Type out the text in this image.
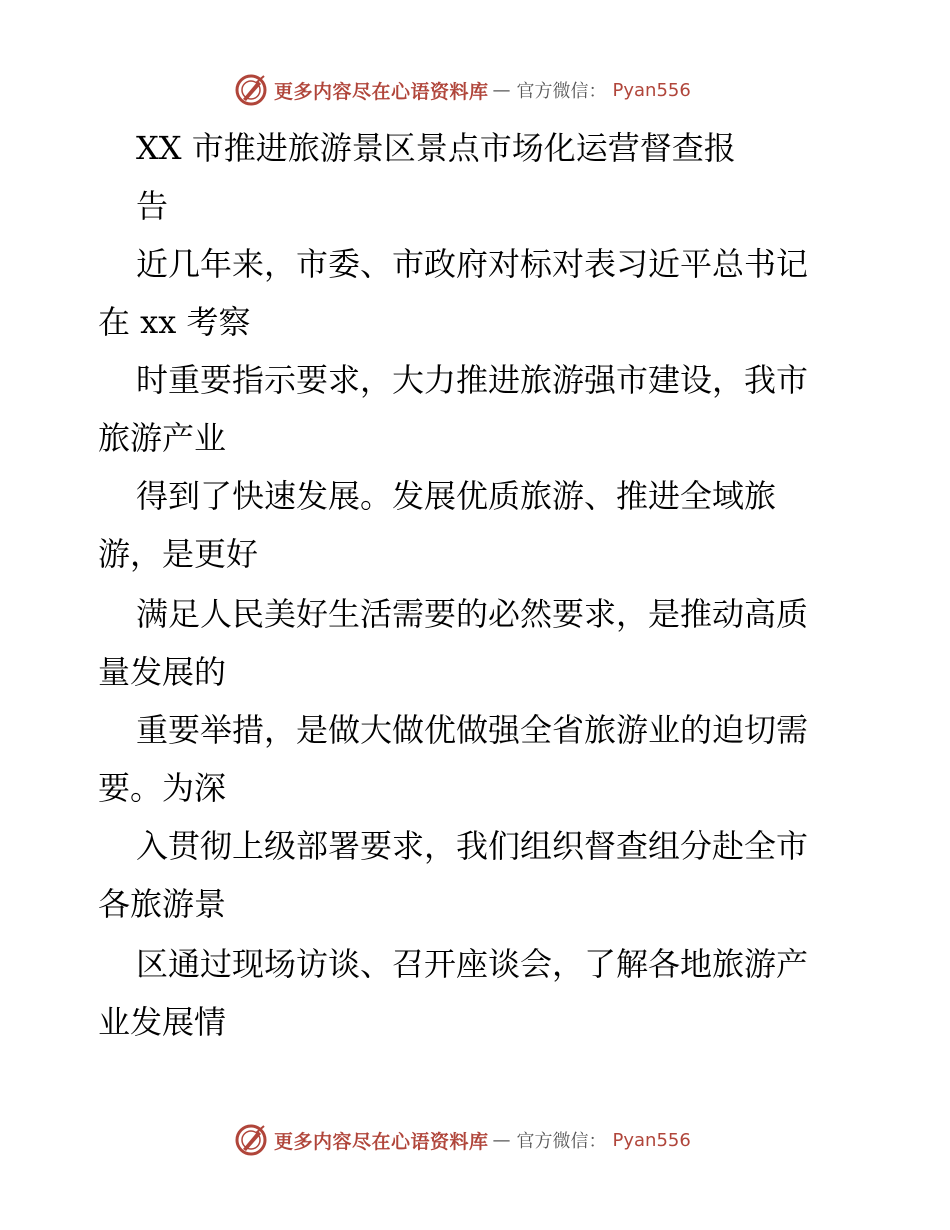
更多内容尽在心语资料库 — 官方微信： Pyan556
XX 市推进旅游景区景点市场化运营督查报
告
近几年来，市委、市政府对标对表习近平总书记
在 xx 考察
时重要指示要求，大力推进旅游强市建设，我市
旅游产业
得到了快速发展。发展优质旅游、推进全域旅
游，是更好
满足人民美好生活需要的必然要求，是推动高质
量发展的
重要举措，是做大做优做强全省旅游业的迫切需
要。为深
入贯彻上级部署要求，我们组织督查组分赴全市
各旅游景
区通过现场访谈、召开座谈会，了解各地旅游产
业发展情
更多内容尽在心语资料库 — 官方微信： Pyan556
